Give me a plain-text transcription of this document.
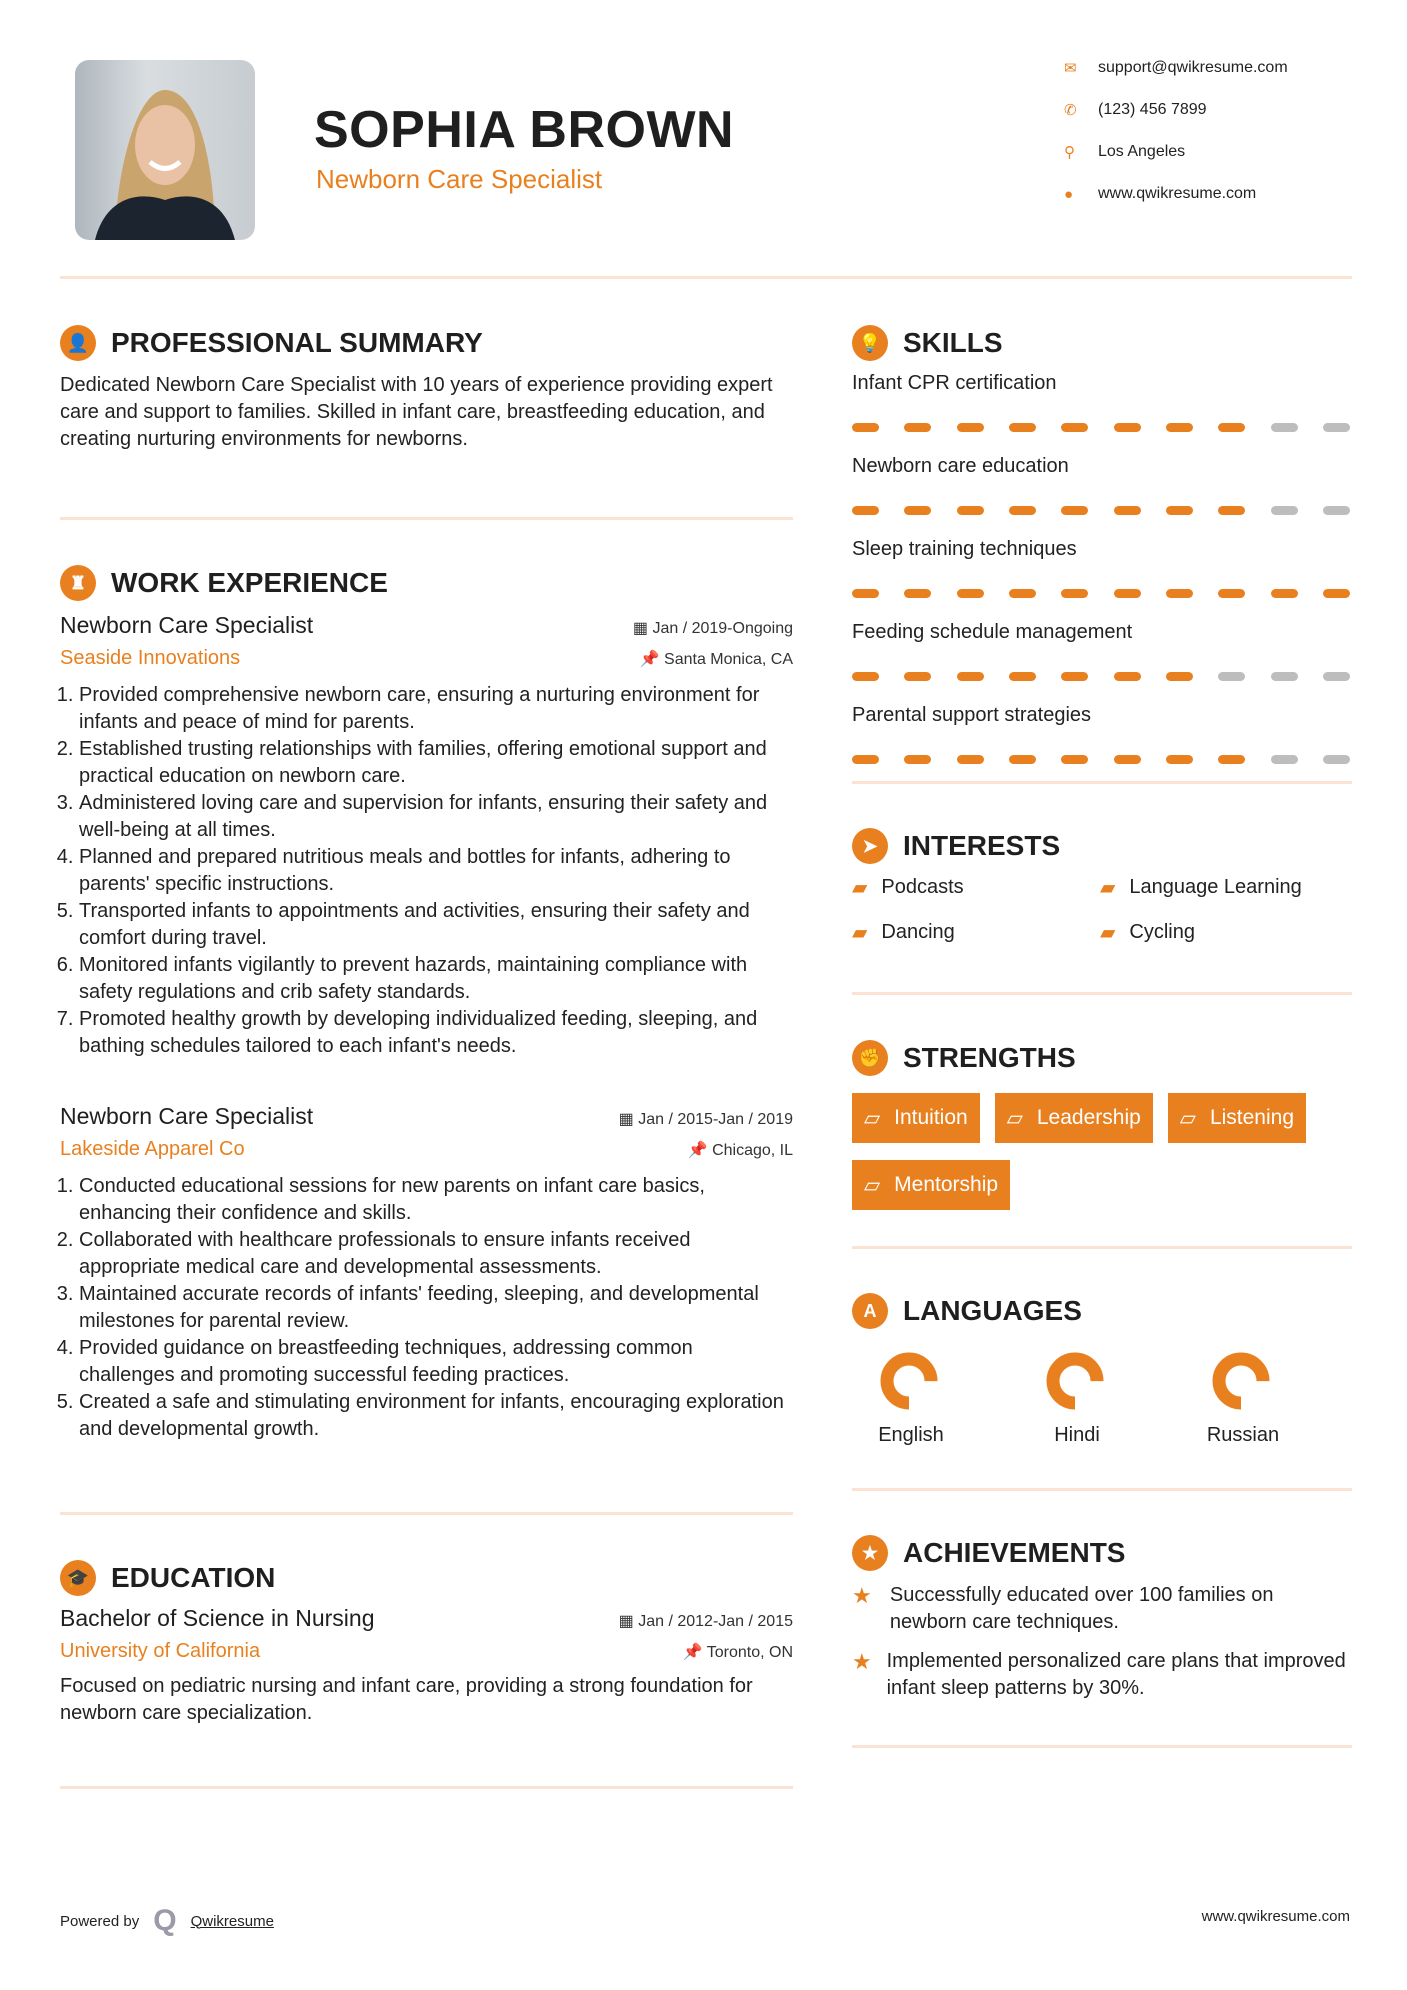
SOPHIA BROWN
Newborn Care Specialist
✉	support@qwikresume.com
✆	(123) 456 7899
⚲	Los Angeles
●	www.qwikresume.com
👤 PROFESSIONAL SUMMARY
Dedicated Newborn Care Specialist with 10 years of experience providing expert care and support to families. Skilled in infant care, breastfeeding education, and creating nurturing environments for newborns.
♜ WORK EXPERIENCE
Newborn Care Specialist	▦ Jan / 2019-Ongoing
Seaside Innovations	📌 Santa Monica, CA
1. Provided comprehensive newborn care, ensuring a nurturing environment for infants and peace of mind for parents.
2. Established trusting relationships with families, offering emotional support and practical education on newborn care.
3. Administered loving care and supervision for infants, ensuring their safety and well-being at all times.
4. Planned and prepared nutritious meals and bottles for infants, adhering to parents' specific instructions.
5. Transported infants to appointments and activities, ensuring their safety and comfort during travel.
6. Monitored infants vigilantly to prevent hazards, maintaining compliance with safety regulations and crib safety standards.
7. Promoted healthy growth by developing individualized feeding, sleeping, and bathing schedules tailored to each infant's needs.
Newborn Care Specialist	▦ Jan / 2015-Jan / 2019
Lakeside Apparel Co	📌 Chicago, IL
1. Conducted educational sessions for new parents on infant care basics, enhancing their confidence and skills.
2. Collaborated with healthcare professionals to ensure infants received appropriate medical care and developmental assessments.
3. Maintained accurate records of infants' feeding, sleeping, and developmental milestones for parental review.
4. Provided guidance on breastfeeding techniques, addressing common challenges and promoting successful feeding practices.
5. Created a safe and stimulating environment for infants, encouraging exploration and developmental growth.
🎓 EDUCATION
Bachelor of Science in Nursing	▦ Jan / 2012-Jan / 2015
University of California	📌 Toronto, ON
Focused on pediatric nursing and infant care, providing a strong foundation for newborn care specialization.
💡 SKILLS
Infant CPR certification
Newborn care education
Sleep training techniques
Feeding schedule management
Parental support strategies
➤ INTERESTS
▰ Podcasts	▰ Language Learning
▰ Dancing	▰ Cycling
✊ STRENGTHS
▱ Intuition ▱ Leadership ▱ Listening
▱ Mentorship
A LANGUAGES
English	Hindi	Russian
★ ACHIEVEMENTS
★ Successfully educated over 100 families on newborn care techniques.
★ Implemented personalized care plans that improved infant sleep patterns by 30%.
Powered by Q Qwikresume	www.qwikresume.com
